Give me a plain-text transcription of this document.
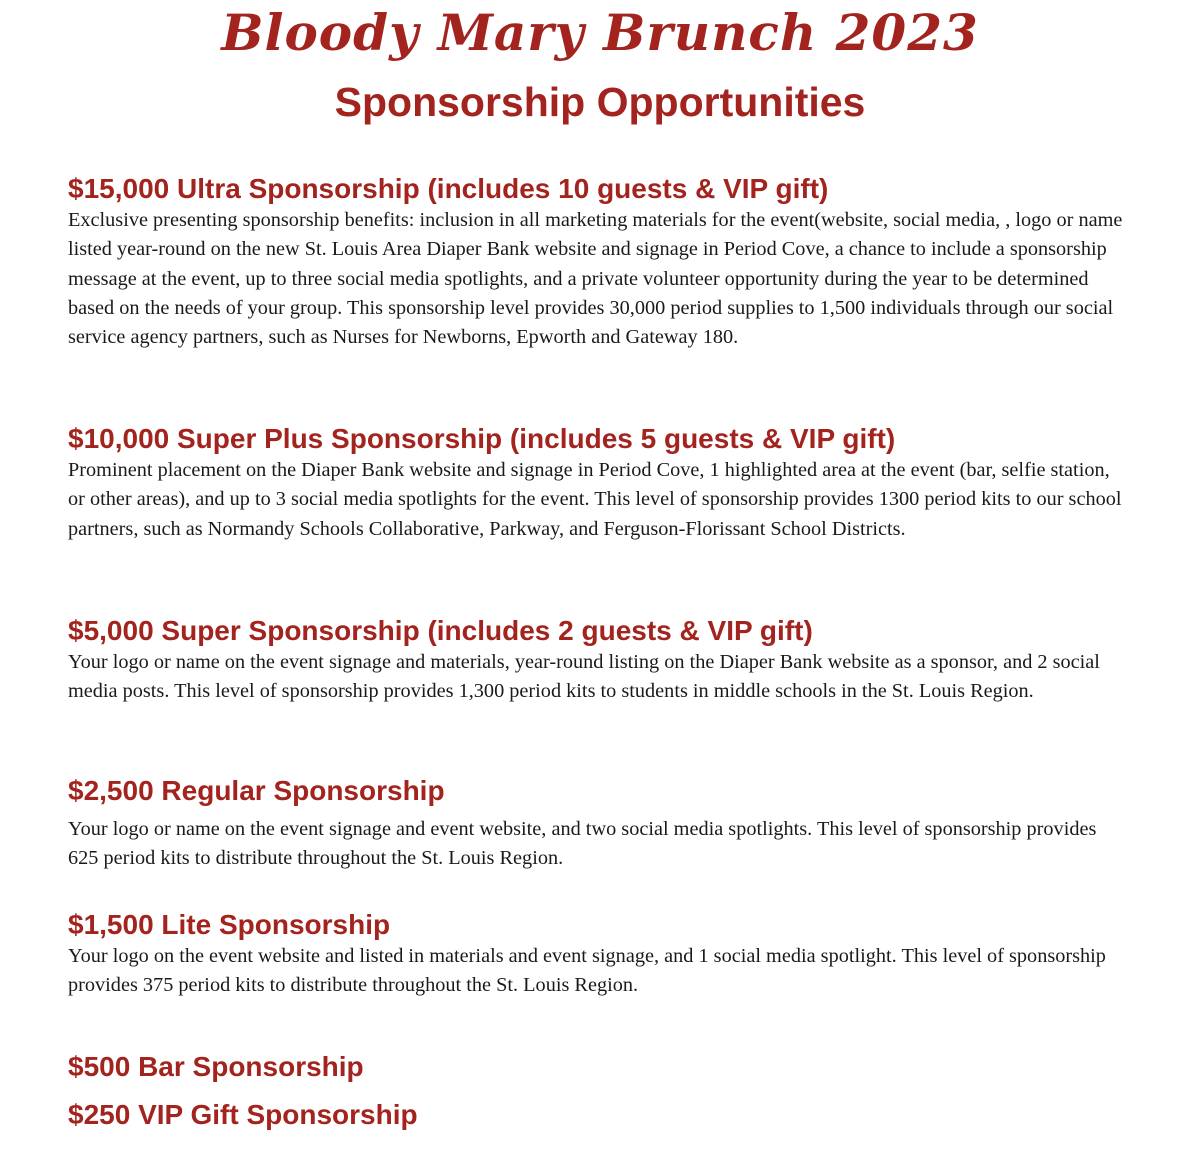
Bloody Mary Brunch 2023
Sponsorship Opportunities
$15,000 Ultra Sponsorship (includes 10 guests & VIP gift)

Exclusive presenting sponsorship benefits: inclusion in all marketing materials for the event(website, social media, , logo or name listed year-round on the new St. Louis Area Diaper Bank website and signage in Period Cove, a chance to include a sponsorship message at the event, up to three social media spotlights, and a private volunteer opportunity during the year to be determined based on the needs of your group. This sponsorship level provides 30,000 period supplies to 1,500 individuals through our social service agency partners, such as Nurses for Newborns, Epworth and Gateway 180.

$10,000 Super Plus Sponsorship (includes 5 guests & VIP gift)

Prominent placement on the Diaper Bank website and signage in Period Cove, 1 highlighted area at the event (bar, selfie station, or other areas), and up to 3 social media spotlights for the event. This level of sponsorship provides 1300 period kits to our school partners, such as Normandy Schools Collaborative, Parkway, and Ferguson-Florissant School Districts.

$5,000 Super Sponsorship (includes 2 guests & VIP gift)

Your logo or name on the event signage and materials, year-round listing on the Diaper Bank website as a sponsor, and 2 social media posts. This level of sponsorship provides 1,300 period kits to students in middle schools in the St. Louis Region.

$2,500 Regular Sponsorship

Your logo or name on the event signage and event website, and two social media spotlights. This level of sponsorship provides 625 period kits to distribute throughout the St. Louis Region.

$1,500 Lite Sponsorship

Your logo on the event website and listed in materials and event signage, and 1 social media spotlight. This level of sponsorship provides 375 period kits to distribute throughout the St. Louis Region.

$500 Bar Sponsorship
$250 VIP Gift Sponsorship
